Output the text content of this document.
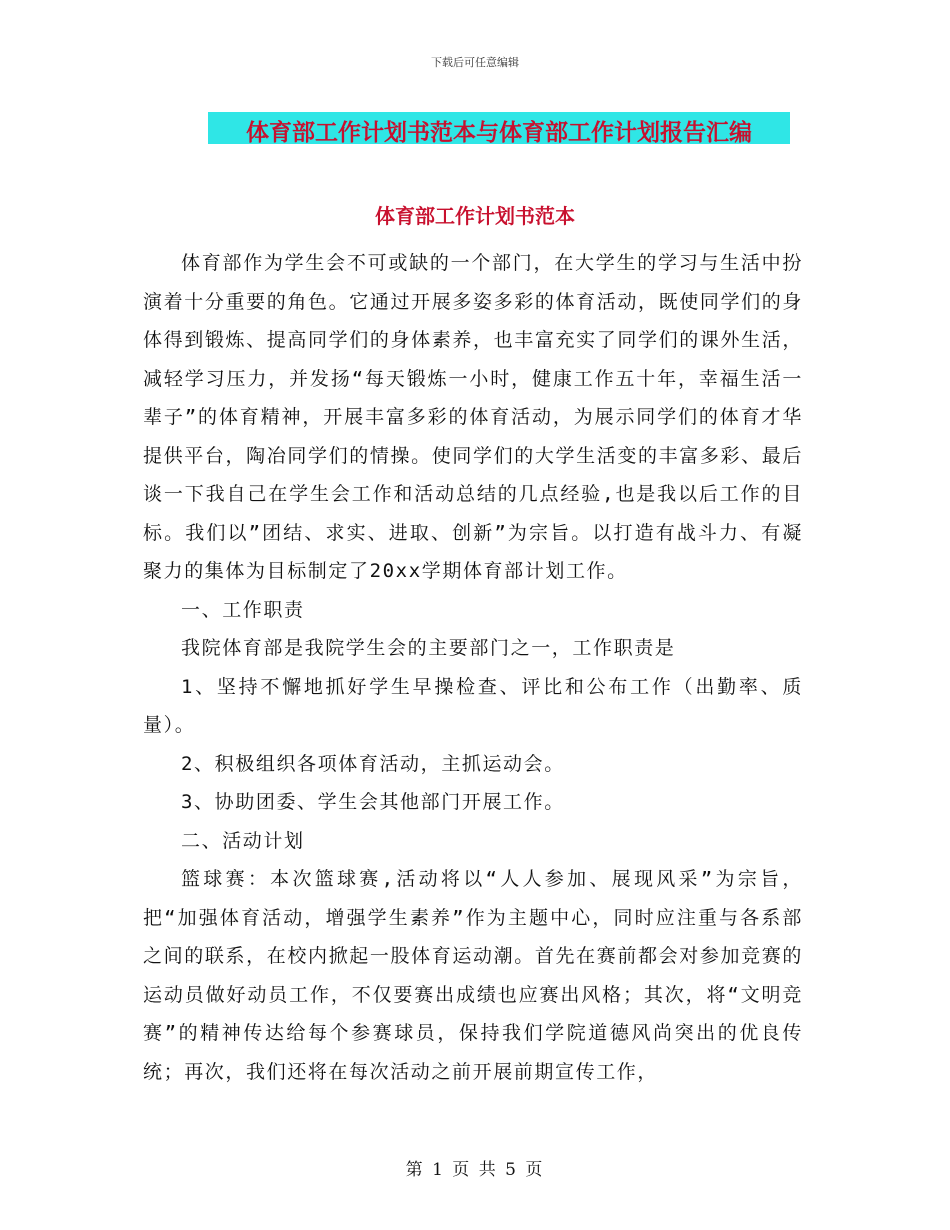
下载后可任意编辑
体育部工作计划书范本与体育部工作计划报告汇编
体育部工作计划书范本

体育部作为学生会不可或缺的一个部门，在大学生的学习与生活中扮演着十分重要的角色。它通过开展多姿多彩的体育活动，既使同学们的身体得到锻炼、提高同学们的身体素养，也丰富充实了同学们的课外生活，减轻学习压力，并发扬“每天锻炼一小时，健康工作五十年，幸福生活一辈子”的体育精神，开展丰富多彩的体育活动，为展示同学们的体育才华提供平台，陶冶同学们的情操。使同学们的大学生活变的丰富多彩、最后谈一下我自己在学生会工作和活动总结的几点经验,也是我以后工作的目标。我们以”团结、求实、进取、创新”为宗旨。以打造有战斗力、有凝聚力的集体为目标制定了20xx学期体育部计划工作。

一、工作职责

我院体育部是我院学生会的主要部门之一，工作职责是

1、坚持不懈地抓好学生早操检查、评比和公布工作（出勤率、质量）。

2、积极组织各项体育活动，主抓运动会。

3、协助团委、学生会其他部门开展工作。

二、活动计划

篮球赛：本次篮球赛,活动将以“人人参加、展现风采”为宗旨，把“加强体育活动，增强学生素养”作为主题中心，同时应注重与各系部之间的联系，在校内掀起一股体育运动潮。首先在赛前都会对参加竞赛的运动员做好动员工作，不仅要赛出成绩也应赛出风格；其次，将“文明竞赛”的精神传达给每个参赛球员，保持我们学院道德风尚突出的优良传统；再次，我们还将在每次活动之前开展前期宣传工作，

第 1 页 共 5 页
